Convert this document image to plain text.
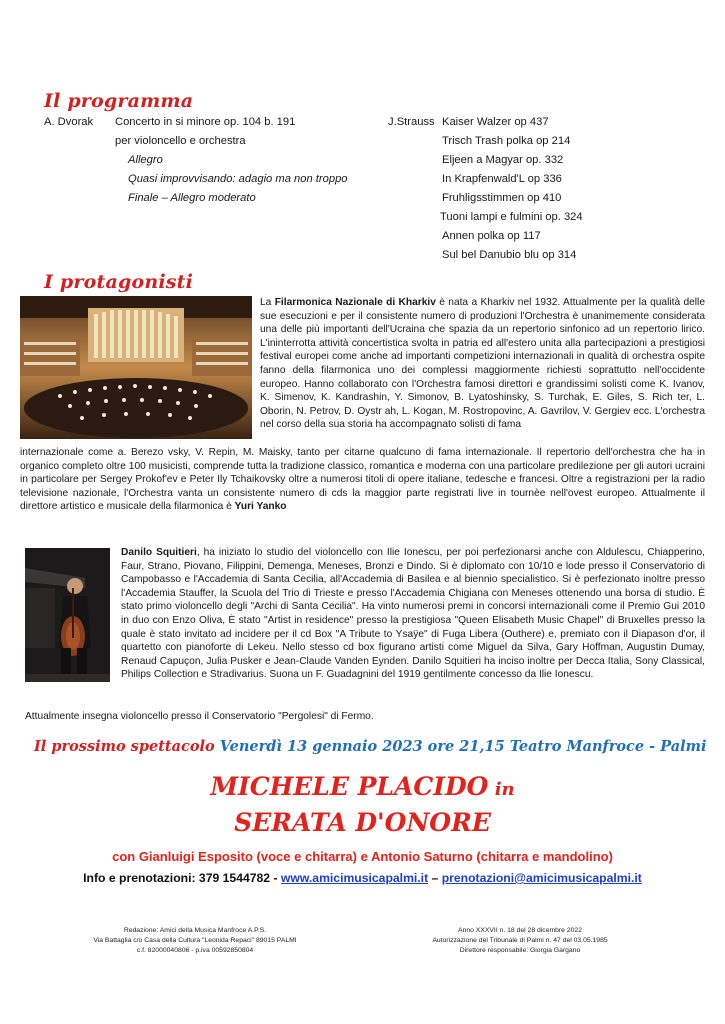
Il programma
A. Dvorak Concerto in si minore op. 104 b. 191
per violoncello e orchestra
Allegro
Quasi improvvisando: adagio ma non troppo
Finale – Allegro moderato
J.Strauss Kaiser Walzer op 437
Trisch Trash polka op 214
Eljeen a Magyar op. 332
In Krapfenwald'L op 336
Fruhligsstimmen op 410
Tuoni lampi e fulmini op. 324
Annen polka op 117
Sul bel Danubio blu op 314
I protagonisti

La Filarmonica Nazionale di Kharkiv è nata a Kharkiv nel 1932. Attualmente per la qualità delle sue esecuzioni e per il consistente numero di produzioni l'Orchestra è unanimemente considerata una delle più importanti dell'Ucraina che spazia da un repertorio sinfonico ad un repertorio lirico. L'ininterrotta attività concertistica svolta in patria ed all'estero unita alla partecipazioni a prestigiosi festival europei come anche ad importanti competizioni internazionali in qualità di orchestra ospite fanno della filarmonica uno dei complessi maggiormente richiesti soprattutto nell'occidente europeo. Hanno collaborato con l'Orchestra famosi direttori e grandissimi solisti come K. Ivanov, K. Simenov, K. Kandrashin, Y. Simonov, B. Lyatoshinsky, S. Turchak, E. Giles, S. Rich ter, L. Oborin, N. Petrov, D. Oystr ah, L. Kogan, M. Rostropovinc, A. Gavrilov, V. Gergiev ecc. L'orchestra nel corso della sua storia ha accompagnato solisti di fama

internazionale come a. Berezo vsky, V. Repin, M. Maisky, tanto per citarne qualcuno di fama internazionale. Il repertorio dell'orchestra che ha in organico completo oltre 100 musicisti, comprende tutta la tradizione classico, romantica e moderna con una particolare predilezione per gli autori ucraini in particolare per Sergey Prokof'ev e Peter Ily Tchaikovsky oltre a numerosi titoli di opere italiane, tedesche e francesi. Oltre a registrazioni per la radio televisione nazionale, l'Orchestra vanta un consistente numero di cds la maggior parte registrati live in tournèe nell'ovest europeo. Attualmente il direttore artistico e musicale della filarmonica è Yuri Yanko

Danilo Squitieri, ha iniziato lo studio del violoncello con Ilie Ionescu, per poi perfezionarsi anche con Aldulescu, Chiapperino, Faur, Strano, Piovano, Filippini, Demenga, Meneses, Bronzi e Dindo. Si è diplomato con 10/10 e lode presso il Conservatorio di Campobasso e l'Accademia di Santa Cecilia, all'Accademia di Basilea e al biennio specialistico. Si è perfezionato inoltre presso l'Accademia Stauffer, la Scuola del Trio di Trieste e presso l'Accademia Chigiana con Meneses ottenendo una borsa di studio. È stato primo violoncello degli "Archi di Santa Cecilia". Ha vinto numerosi premi in concorsi internazionali come il Premio Gui 2010 in duo con Enzo Oliva, È stato "Artist in residence" presso la prestigiosa "Queen Elisabeth Music Chapel" di Bruxelles presso la quale è stato invitato ad incidere per il cd Box "A Tribute to Ysaÿe" di Fuga Libera (Outhere) e, premiato con il Diapason d'or, il quartetto con pianoforte di Lekeu. Nello stesso cd box figurano artisti come Miguel da Silva, Gary Hoffman, Augustin Dumay, Renaud Capuçon, Julia Pusker e Jean-Claude Vanden Eynden. Danilo Squitieri ha inciso inoltre per Decca Italia, Sony Classical, Philips Collection e Stradivarius. Suona un F. Guadagnini del 1919 gentilmente concesso da Ilie Ionescu.

Attualmente insegna violoncello presso il Conservatorio "Pergolesi" di Fermo.

Il prossimo spettacolo Venerdì 13 gennaio 2023 ore 21,15 Teatro Manfroce - Palmi
MICHELE PLACIDO in
SERATA D'ONORE
con Gianluigi Esposito (voce e chitarra) e Antonio Saturno (chitarra e mandolino)
Info e prenotazioni: 379 1544782 - www.amicimusicapalmi.it – prenotazioni@amicimusicapalmi.it
Redazione: Amici della Musica Manfroce A.P.S.
Via Battaglia c/o Casa della Cultura "Leonida Repaci" 89015 PALMI
c.f. 82000040806 - p.iva 00592850804
Anno XXXVII n. 18 del 28 dicembre 2022
Autorizzazione del Tribunale di Palmi n. 47 del 03.05.1985
Direttore responsabile: Giorgia Gargano
